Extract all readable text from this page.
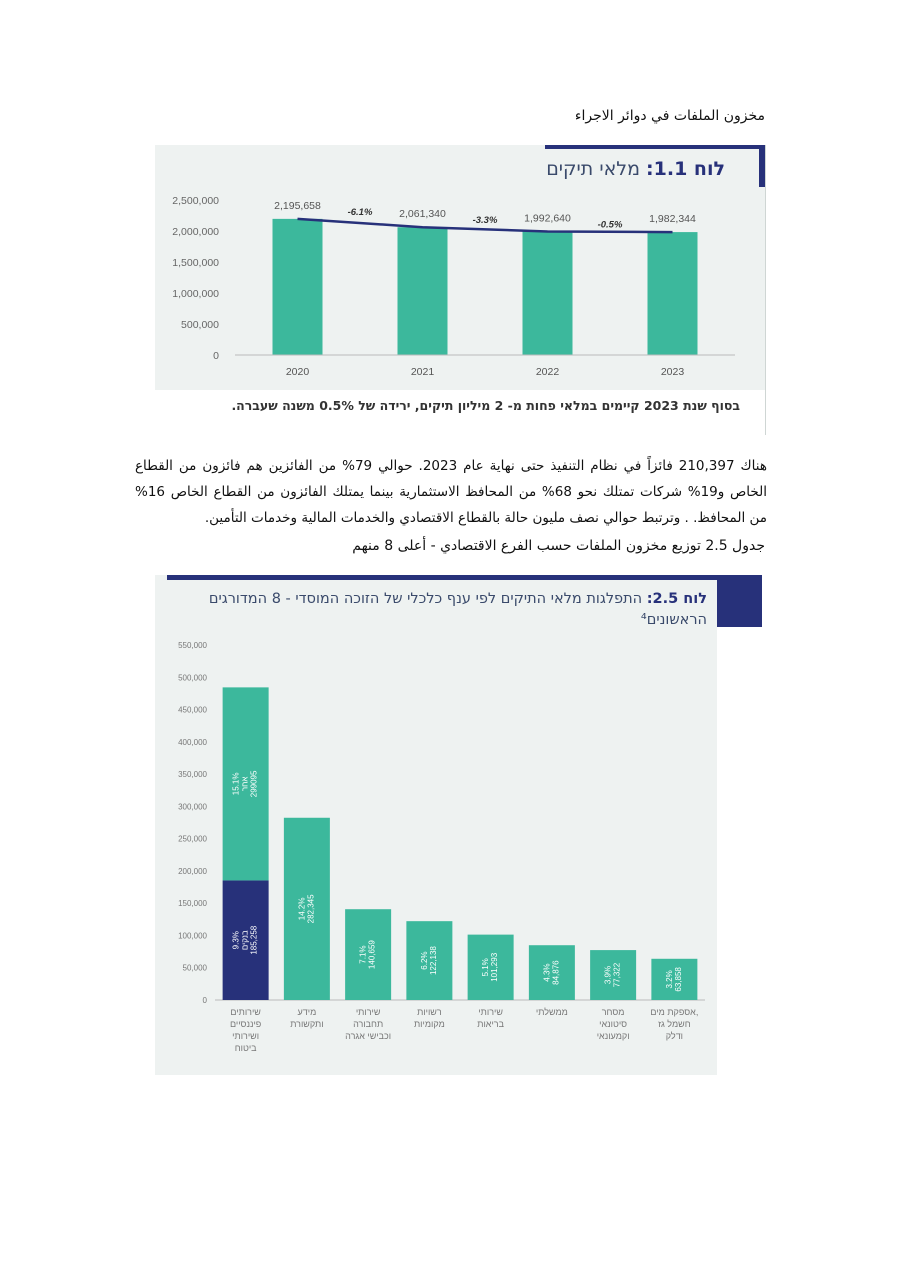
مخزون الملفات في دوائر الاجراء
לוח 1.1: מלאי תיקים
0
500,000
1,000,000
1,500,000
2,000,000
2,500,000	2,195,658
2020
2,061,340
2021
1,992,640
2022
1,982,344
2023
-6.1%
-3.3%	-0.5%
בסוף שנת 2023 קיימים במלאי פחות מ- 2 מיליון תיקים, ירידה של 0.5% משנה שעברה.
هناك 210,397 فائزاً في نظام التنفيذ حتى نهاية عام 2023. حوالي 79% من الفائزين هم فائزون من القطاع الخاص و19% شركات تمتلك نحو 68% من المحافظ الاستثمارية بينما يمتلك الفائزون من القطاع الخاص 16% من المحافظ. . وترتبط حوالي نصف مليون حالة بالقطاع الاقتصادي والخدمات المالية وخدمات التأمين.
جدول 2.5 توزيع مخزون الملفات حسب الفرع الاقتصادي - أعلى 8 منهم
לוח 2.5: התפלגות מלאי התיקים לפי ענף כלכלי של הזוכה המוסדי - 8 המדורגים הראשונים⁴
0
50,000
100,000
150,000
200,000
250,000
300,000
350,000
400,000
450,000
500,000
550,000
9.3% בנקים 185,258
15.1% אחר 299095
שירותים
פיננסיים
ושירותי
ביטוח
14.2% 282,345
מידע
ותקשורת
7.1% 140,659
שירותי
תחבורה
וכבישי אגרה
6.2% 122,138
רשויות
מקומיות
5.1% 101,293
שירותי
בריאות
4.3% 84,876
ממשלתי
3.9% 77,322
מסחר
סיטונאי
וקמעונאי
3.2% 63,858
אספקת מים,
חשמל גז
ודלק
